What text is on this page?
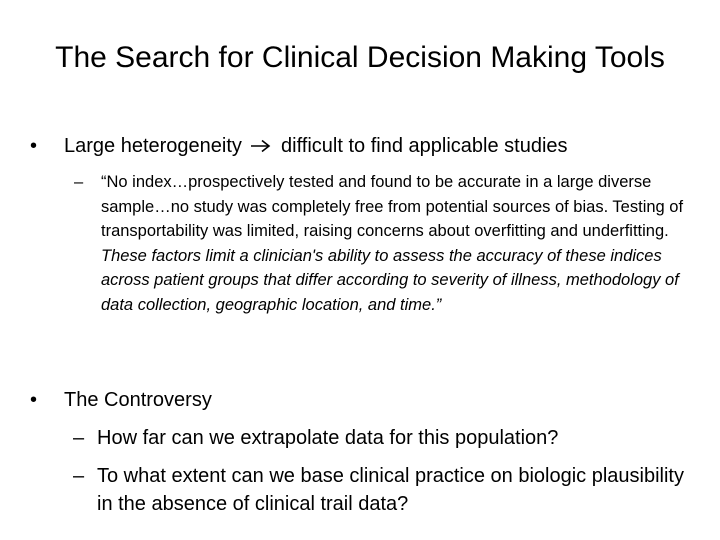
The Search for Clinical Decision Making Tools
• Large heterogeneity difficult to find applicable studies
– “No index…prospectively tested and found to be accurate in a large diverse sample…no study was completely free from potential sources of bias. Testing of transportability was limited, raising concerns about overfitting and underfitting. These factors limit a clinician's ability to assess the accuracy of these indices across patient groups that differ according to severity of illness, methodology of data collection, geographic location, and time.”
• The Controversy
– How far can we extrapolate data for this population?
– To what extent can we base clinical practice on biologic plausibility in the absence of clinical trail data?
